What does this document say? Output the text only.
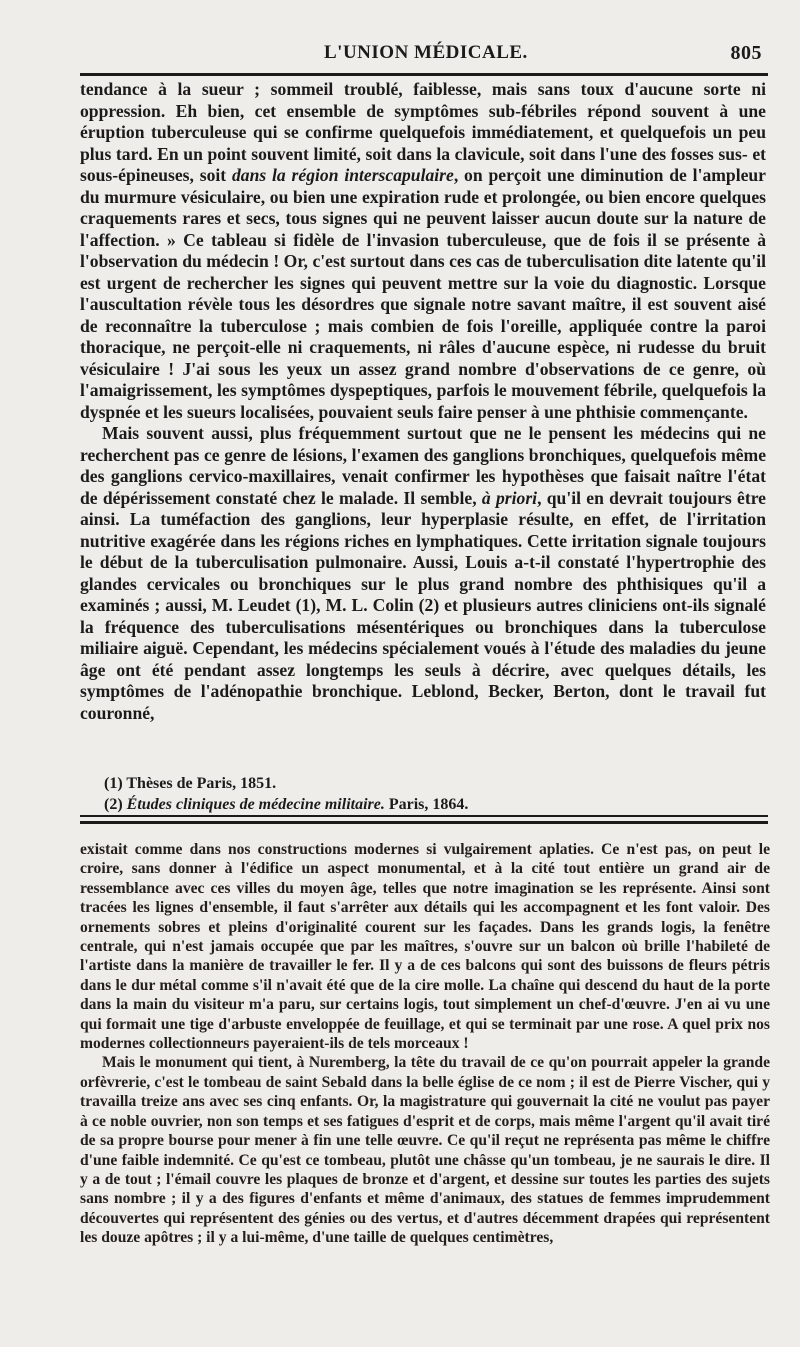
L'UNION MÉDICALE.	805

tendance à la sueur ; sommeil troublé, faiblesse, mais sans toux d'aucune sorte ni oppression. Eh bien, cet ensemble de symptômes sub-fébriles répond souvent à une éruption tuberculeuse qui se confirme quelquefois immédiatement, et quelquefois un peu plus tard. En un point souvent limité, soit dans la clavicule, soit dans l'une des fosses sus- et sous-épineuses, soit dans la région interscapulaire, on perçoit une diminution de l'ampleur du murmure vésiculaire, ou bien une expiration rude et prolongée, ou bien encore quelques craquements rares et secs, tous signes qui ne peuvent laisser aucun doute sur la nature de l'affection. » Ce tableau si fidèle de l'invasion tuberculeuse, que de fois il se présente à l'observation du médecin ! Or, c'est surtout dans ces cas de tuberculisation dite latente qu'il est urgent de rechercher les signes qui peuvent mettre sur la voie du diagnostic. Lorsque l'auscultation révèle tous les désordres que signale notre savant maître, il est souvent aisé de reconnaître la tuberculose ; mais combien de fois l'oreille, appliquée contre la paroi thoracique, ne perçoit-elle ni craquements, ni râles d'aucune espèce, ni rudesse du bruit vésiculaire ! J'ai sous les yeux un assez grand nombre d'observations de ce genre, où l'amaigrissement, les symptômes dyspeptiques, parfois le mouvement fébrile, quelquefois la dyspnée et les sueurs localisées, pouvaient seuls faire penser à une phthisie commençante.

Mais souvent aussi, plus fréquemment surtout que ne le pensent les médecins qui ne recherchent pas ce genre de lésions, l'examen des ganglions bronchiques, quelquefois même des ganglions cervico-maxillaires, venait confirmer les hypothèses que faisait naître l'état de dépérissement constaté chez le malade. Il semble, à priori, qu'il en devrait toujours être ainsi. La tuméfaction des ganglions, leur hyperplasie résulte, en effet, de l'irritation nutritive exagérée dans les régions riches en lymphatiques. Cette irritation signale toujours le début de la tuberculisation pulmonaire. Aussi, Louis a-t-il constaté l'hypertrophie des glandes cervicales ou bronchiques sur le plus grand nombre des phthisiques qu'il a examinés ; aussi, M. Leudet (1), M. L. Colin (2) et plusieurs autres cliniciens ont-ils signalé la fréquence des tuberculisations mésentériques ou bronchiques dans la tuberculose miliaire aiguë. Cependant, les médecins spécialement voués à l'étude des maladies du jeune âge ont été pendant assez longtemps les seuls à décrire, avec quelques détails, les symptômes de l'adénopathie bronchique. Leblond, Becker, Berton, dont le travail fut couronné,

(1) Thèses de Paris, 1851.

(2) Études cliniques de médecine militaire. Paris, 1864.

existait comme dans nos constructions modernes si vulgairement aplaties. Ce n'est pas, on peut le croire, sans donner à l'édifice un aspect monumental, et à la cité tout entière un grand air de ressemblance avec ces villes du moyen âge, telles que notre imagination se les représente. Ainsi sont tracées les lignes d'ensemble, il faut s'arrêter aux détails qui les accompagnent et les font valoir. Des ornements sobres et pleins d'originalité courent sur les façades. Dans les grands logis, la fenêtre centrale, qui n'est jamais occupée que par les maîtres, s'ouvre sur un balcon où brille l'habileté de l'artiste dans la manière de travailler le fer. Il y a de ces balcons qui sont des buissons de fleurs pétris dans le dur métal comme s'il n'avait été que de la cire molle. La chaîne qui descend du haut de la porte dans la main du visiteur m'a paru, sur certains logis, tout simplement un chef-d'œuvre. J'en ai vu une qui formait une tige d'arbuste enveloppée de feuillage, et qui se terminait par une rose. A quel prix nos modernes collectionneurs payeraient-ils de tels morceaux !

Mais le monument qui tient, à Nuremberg, la tête du travail de ce qu'on pourrait appeler la grande orfèvrerie, c'est le tombeau de saint Sebald dans la belle église de ce nom ; il est de Pierre Vischer, qui y travailla treize ans avec ses cinq enfants. Or, la magistrature qui gouvernait la cité ne voulut pas payer à ce noble ouvrier, non son temps et ses fatigues d'esprit et de corps, mais même l'argent qu'il avait tiré de sa propre bourse pour mener à fin une telle œuvre. Ce qu'il reçut ne représenta pas même le chiffre d'une faible indemnité. Ce qu'est ce tombeau, plutôt une châsse qu'un tombeau, je ne saurais le dire. Il y a de tout ; l'émail couvre les plaques de bronze et d'argent, et dessine sur toutes les parties des sujets sans nombre ; il y a des figures d'enfants et même d'animaux, des statues de femmes imprudemment découvertes qui représentent des génies ou des vertus, et d'autres décemment drapées qui représentent les douze apôtres ; il y a lui-même, d'une taille de quelques centimètres,
